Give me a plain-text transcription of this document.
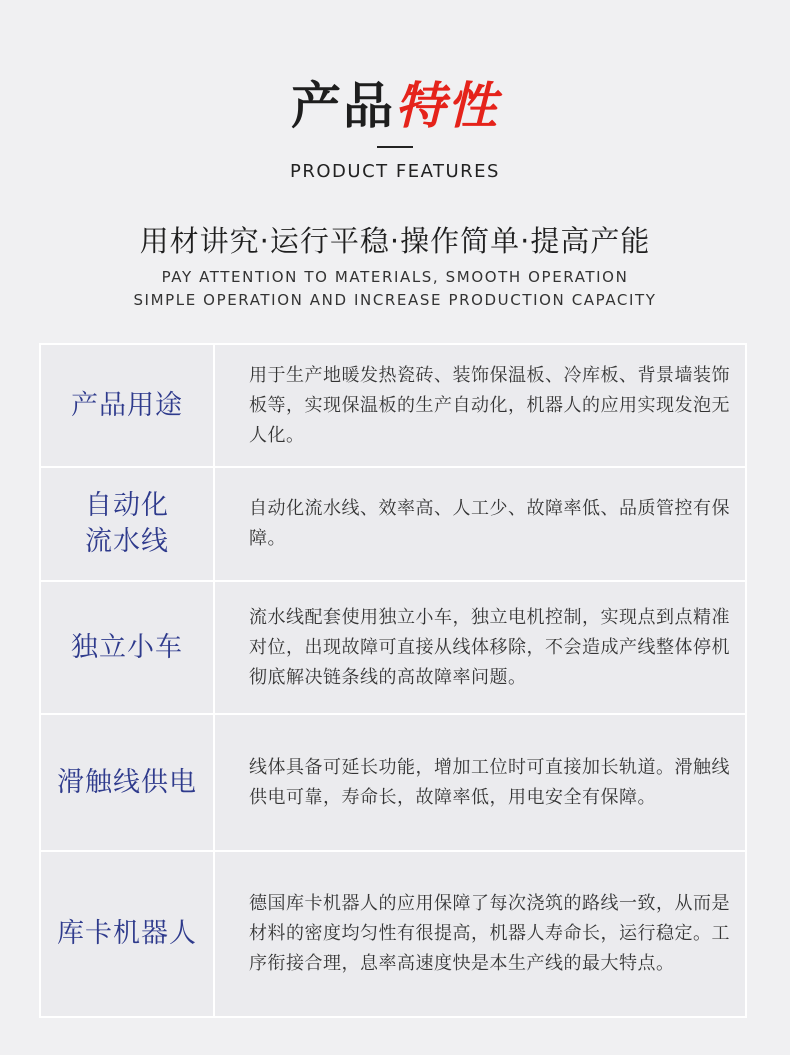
产品特性
PRODUCT FEATURES
用材讲究·运行平稳·操作简单·提高产能
PAY ATTENTION TO MATERIALS, SMOOTH OPERATION
SIMPLE OPERATION AND INCREASE PRODUCTION CAPACITY
产品用途
用于生产地暖发热瓷砖、装饰保温板、冷库板、背景墙装饰板等，实现保温板的生产自动化，机器人的应用实现发泡无人化。
自动化
流水线
自动化流水线、效率高、人工少、故障率低、品质管控有保障。
独立小车
流水线配套使用独立小车，独立电机控制，实现点到点精准对位，出现故障可直接从线体移除，不会造成产线整体停机彻底解决链条线的高故障率问题。
滑触线供电	线体具备可延长功能，增加工位时可直接加长轨道。滑触线供电可靠，寿命长，故障率低，用电安全有保障。
库卡机器人
德国库卡机器人的应用保障了每次浇筑的路线一致，从而是材料的密度均匀性有很提高，机器人寿命长，运行稳定。工序衔接合理，息率高速度快是本生产线的最大特点。
